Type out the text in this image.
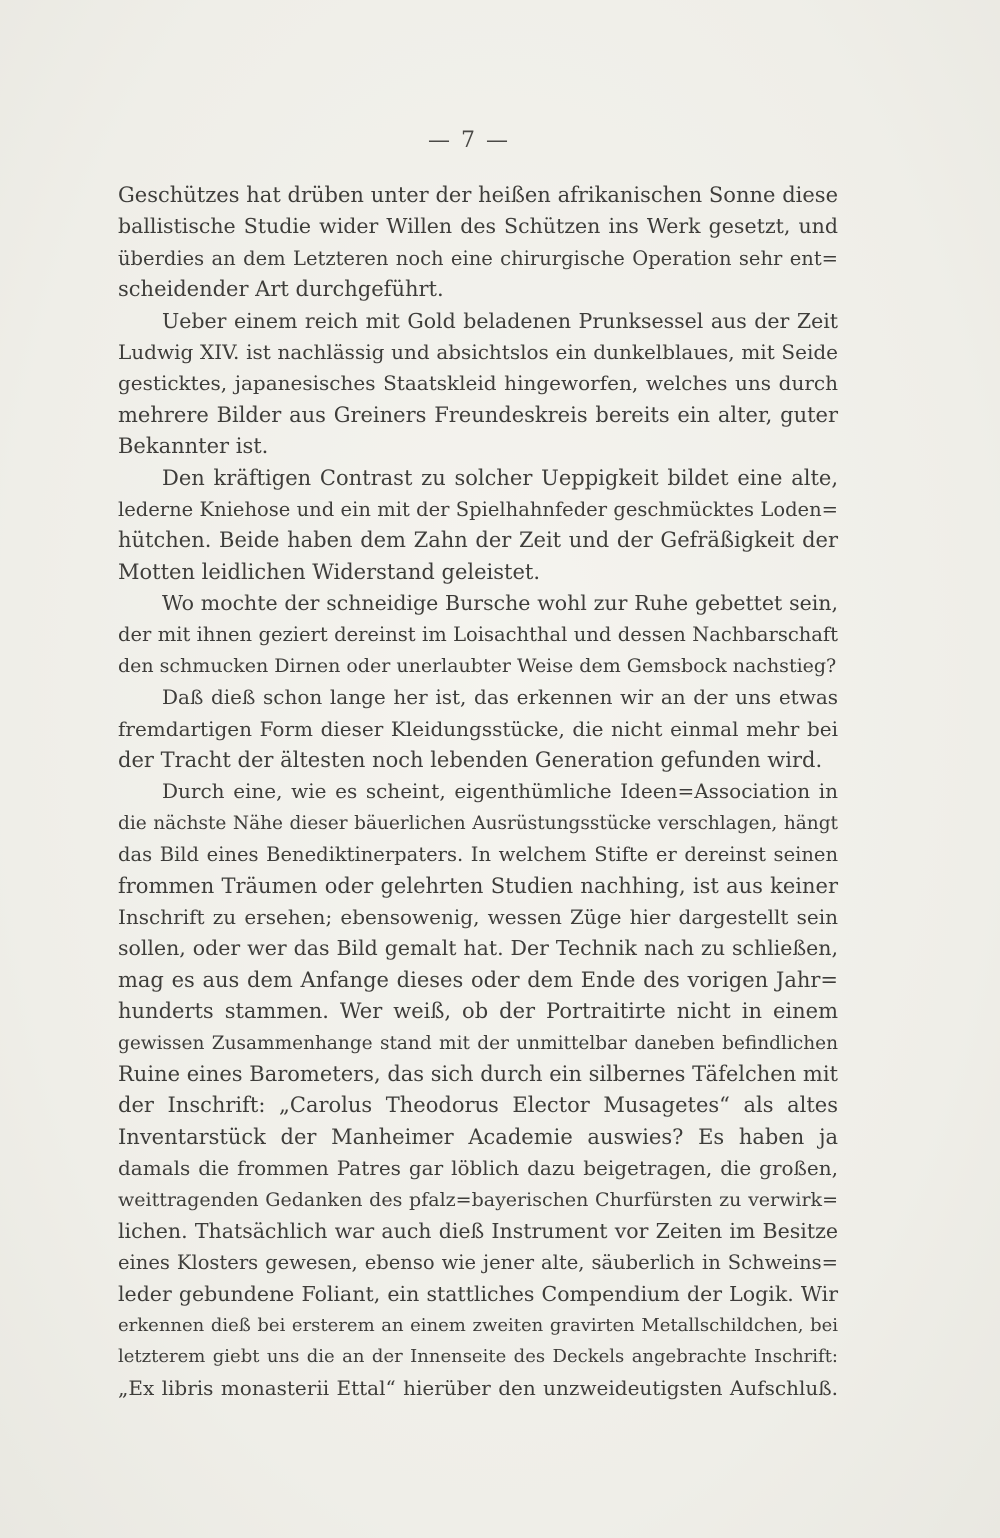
— 7 —
Geschützes hat drüben unter der heißen afrikanischen Sonne diese
ballistische Studie wider Willen des Schützen ins Werk gesetzt, und
überdies an dem Letzteren noch eine chirurgische Operation sehr ent=
scheidender Art durchgeführt.
Ueber einem reich mit Gold beladenen Prunksessel aus der Zeit
Ludwig XIV. ist nachlässig und absichtslos ein dunkelblaues, mit Seide
gesticktes, japanesisches Staatskleid hingeworfen, welches uns durch
mehrere Bilder aus Greiners Freundeskreis bereits ein alter, guter
Bekannter ist.
Den kräftigen Contrast zu solcher Ueppigkeit bildet eine alte,
lederne Kniehose und ein mit der Spielhahnfeder geschmücktes Loden=
hütchen. Beide haben dem Zahn der Zeit und der Gefräßigkeit der
Motten leidlichen Widerstand geleistet.
Wo mochte der schneidige Bursche wohl zur Ruhe gebettet sein,
der mit ihnen geziert dereinst im Loisachthal und dessen Nachbarschaft
den schmucken Dirnen oder unerlaubter Weise dem Gemsbock nachstieg?
Daß dieß schon lange her ist, das erkennen wir an der uns etwas
fremdartigen Form dieser Kleidungsstücke, die nicht einmal mehr bei
der Tracht der ältesten noch lebenden Generation gefunden wird.
Durch eine, wie es scheint, eigenthümliche Ideen=Association in
die nächste Nähe dieser bäuerlichen Ausrüstungsstücke verschlagen, hängt
das Bild eines Benediktinerpaters. In welchem Stifte er dereinst seinen
frommen Träumen oder gelehrten Studien nachhing, ist aus keiner
Inschrift zu ersehen; ebensowenig, wessen Züge hier dargestellt sein
sollen, oder wer das Bild gemalt hat. Der Technik nach zu schließen,
mag es aus dem Anfange dieses oder dem Ende des vorigen Jahr=
hunderts stammen. Wer weiß, ob der Portraitirte nicht in einem
gewissen Zusammenhange stand mit der unmittelbar daneben befindlichen
Ruine eines Barometers, das sich durch ein silbernes Täfelchen mit
der Inschrift: „Carolus Theodorus Elector Musagetes“ als altes
Inventarstück der Manheimer Academie auswies? Es haben ja
damals die frommen Patres gar löblich dazu beigetragen, die großen,
weittragenden Gedanken des pfalz=bayerischen Churfürsten zu verwirk=
lichen. Thatsächlich war auch dieß Instrument vor Zeiten im Besitze
eines Klosters gewesen, ebenso wie jener alte, säuberlich in Schweins=
leder gebundene Foliant, ein stattliches Compendium der Logik. Wir
erkennen dieß bei ersterem an einem zweiten gravirten Metallschildchen, bei
letzterem giebt uns die an der Innenseite des Deckels angebrachte Inschrift:
„Ex libris monasterii Ettal“ hierüber den unzweideutigsten Aufschluß.
